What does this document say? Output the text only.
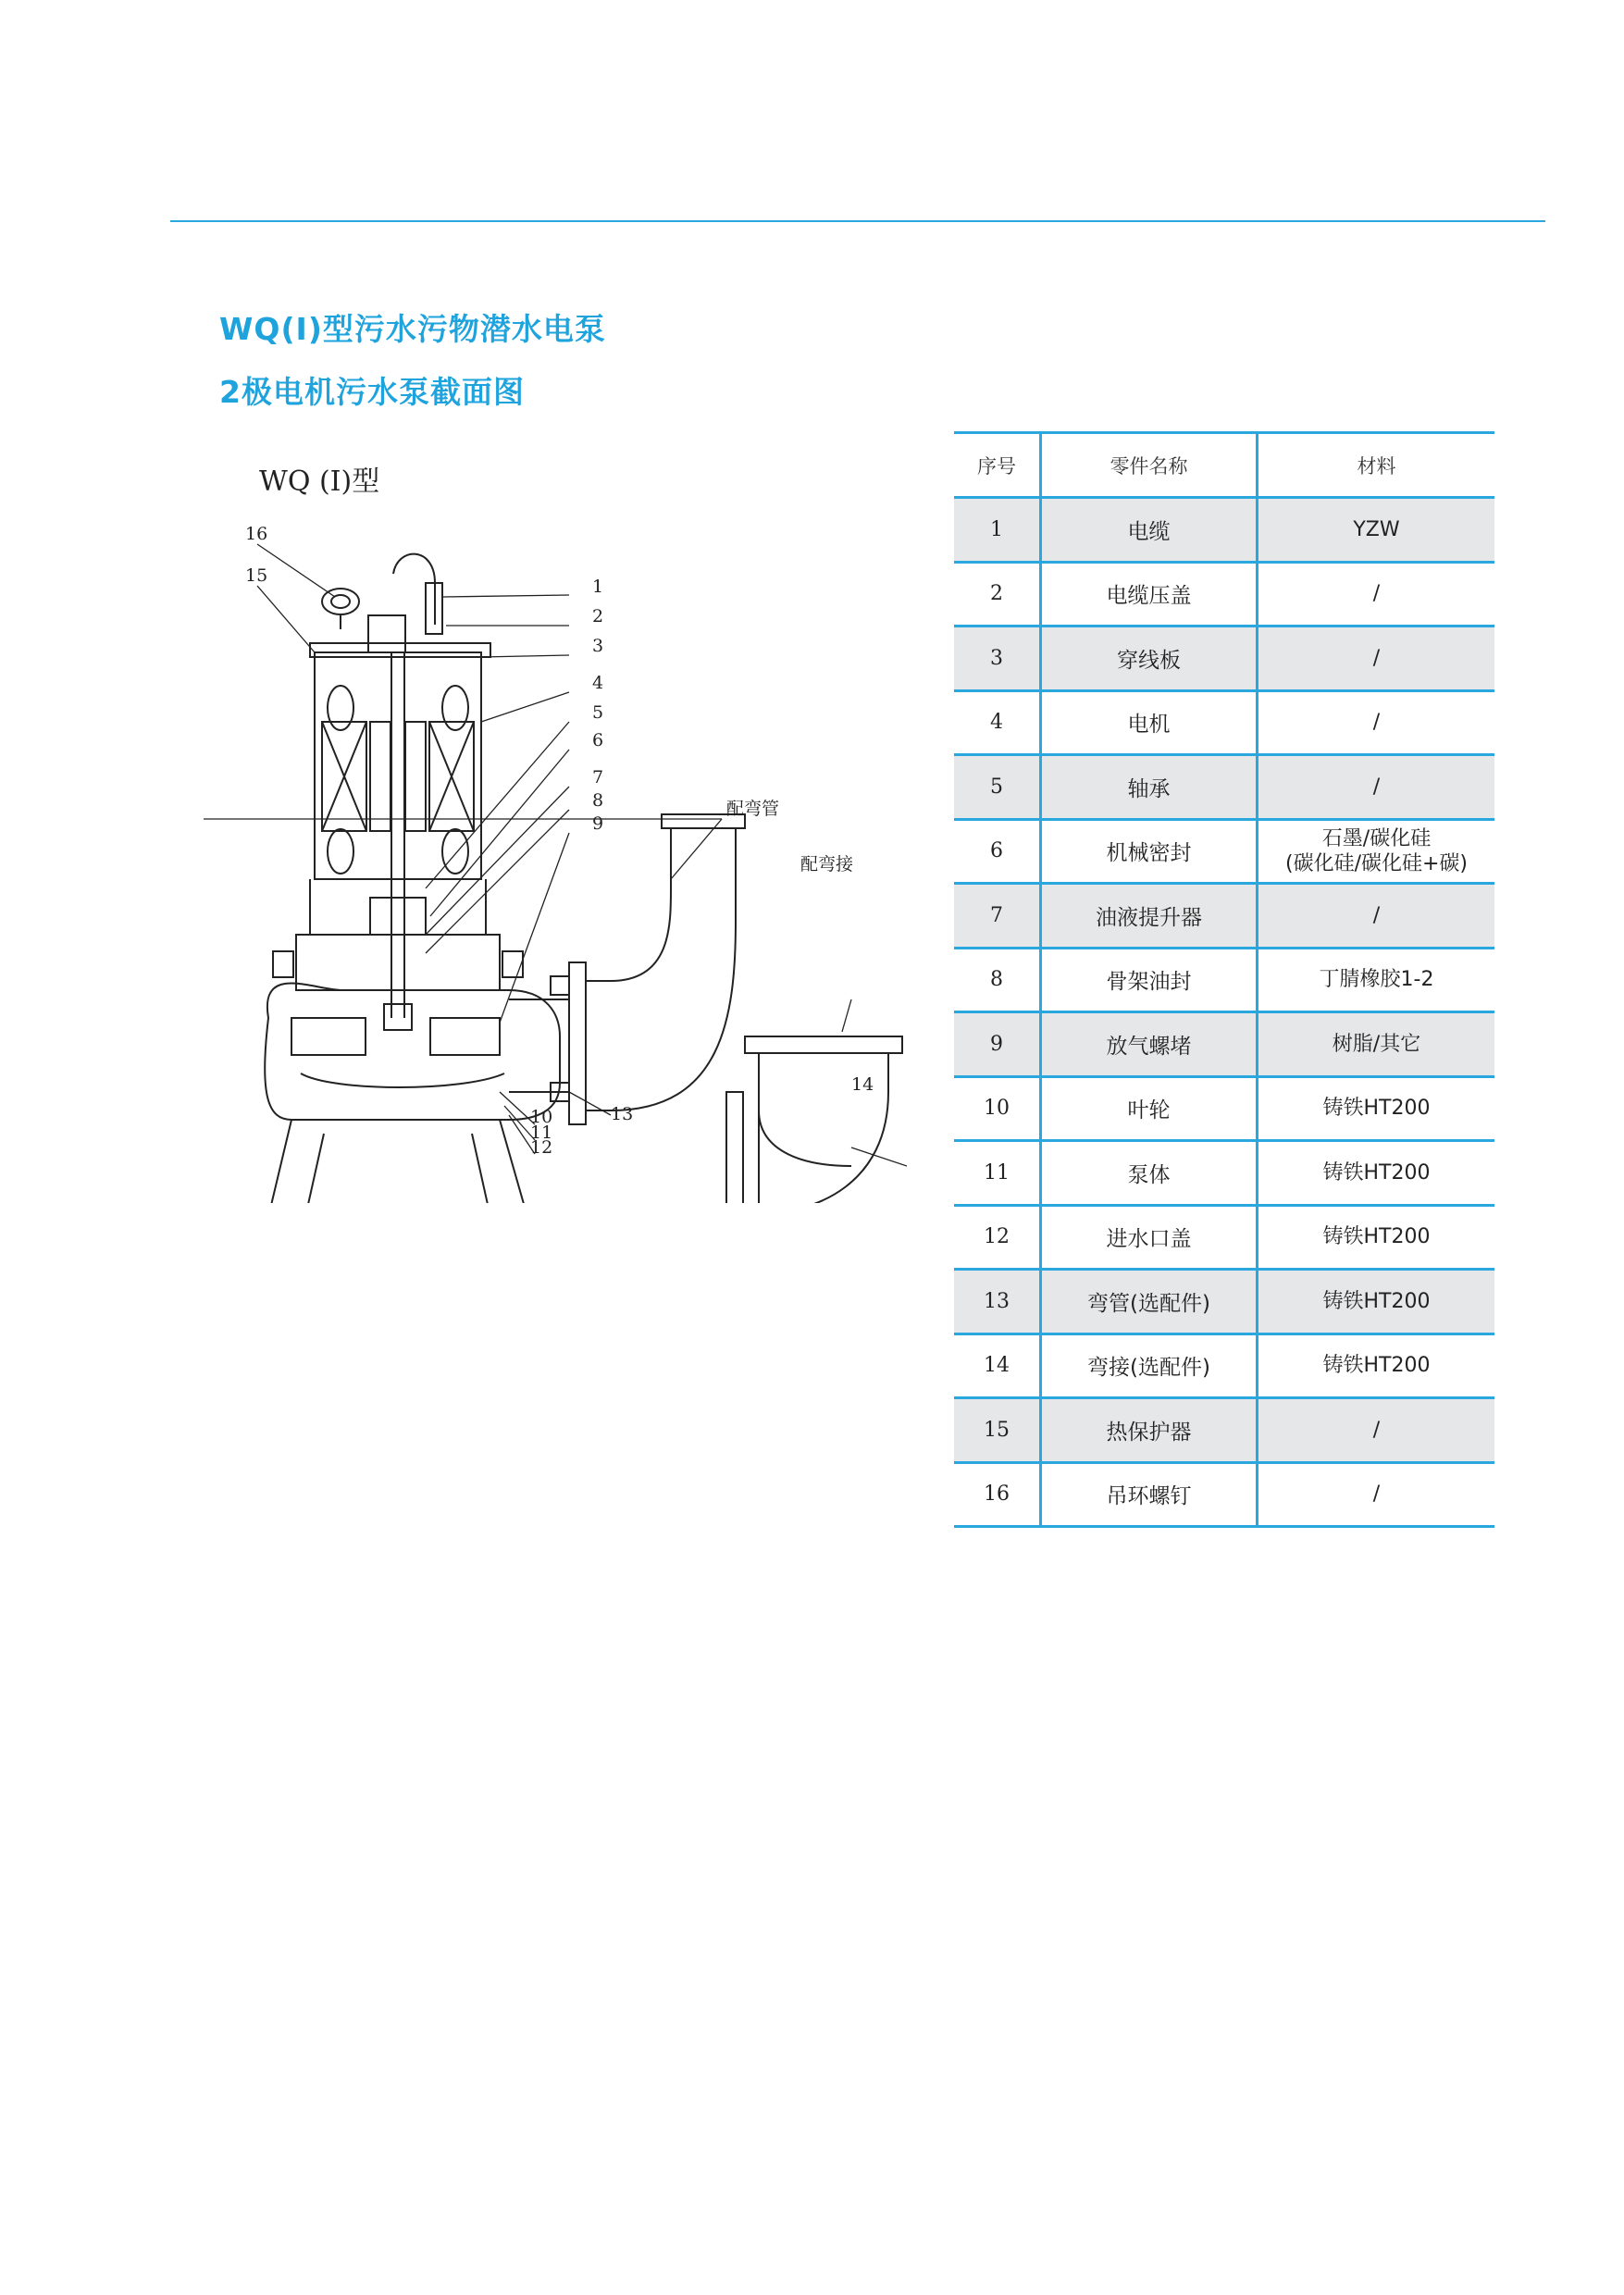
WQ(I)型污水污物潜水电泵
2极电机污水泵截面图
WQ (I)型
16
15
1
2
3
4
5
6
7
8
9
10
11
12
13
14
配弯管
配弯接
序号	零件名称	材料
1	电缆	YZW
2	电缆压盖	/
3	穿线板	/
4	电机	/
5	轴承	/
6	机械密封	石墨/碳化硅
(碳化硅/碳化硅+碳)

7	油液提升器	/
8	骨架油封	丁腈橡胶1-2
9	放气螺堵	树脂/其它
10	叶轮	铸铁HT200
11	泵体	铸铁HT200
12	进水口盖	铸铁HT200
13	弯管(选配件)	铸铁HT200
14	弯接(选配件)	铸铁HT200
15	热保护器	/
16	吊环螺钉	/
